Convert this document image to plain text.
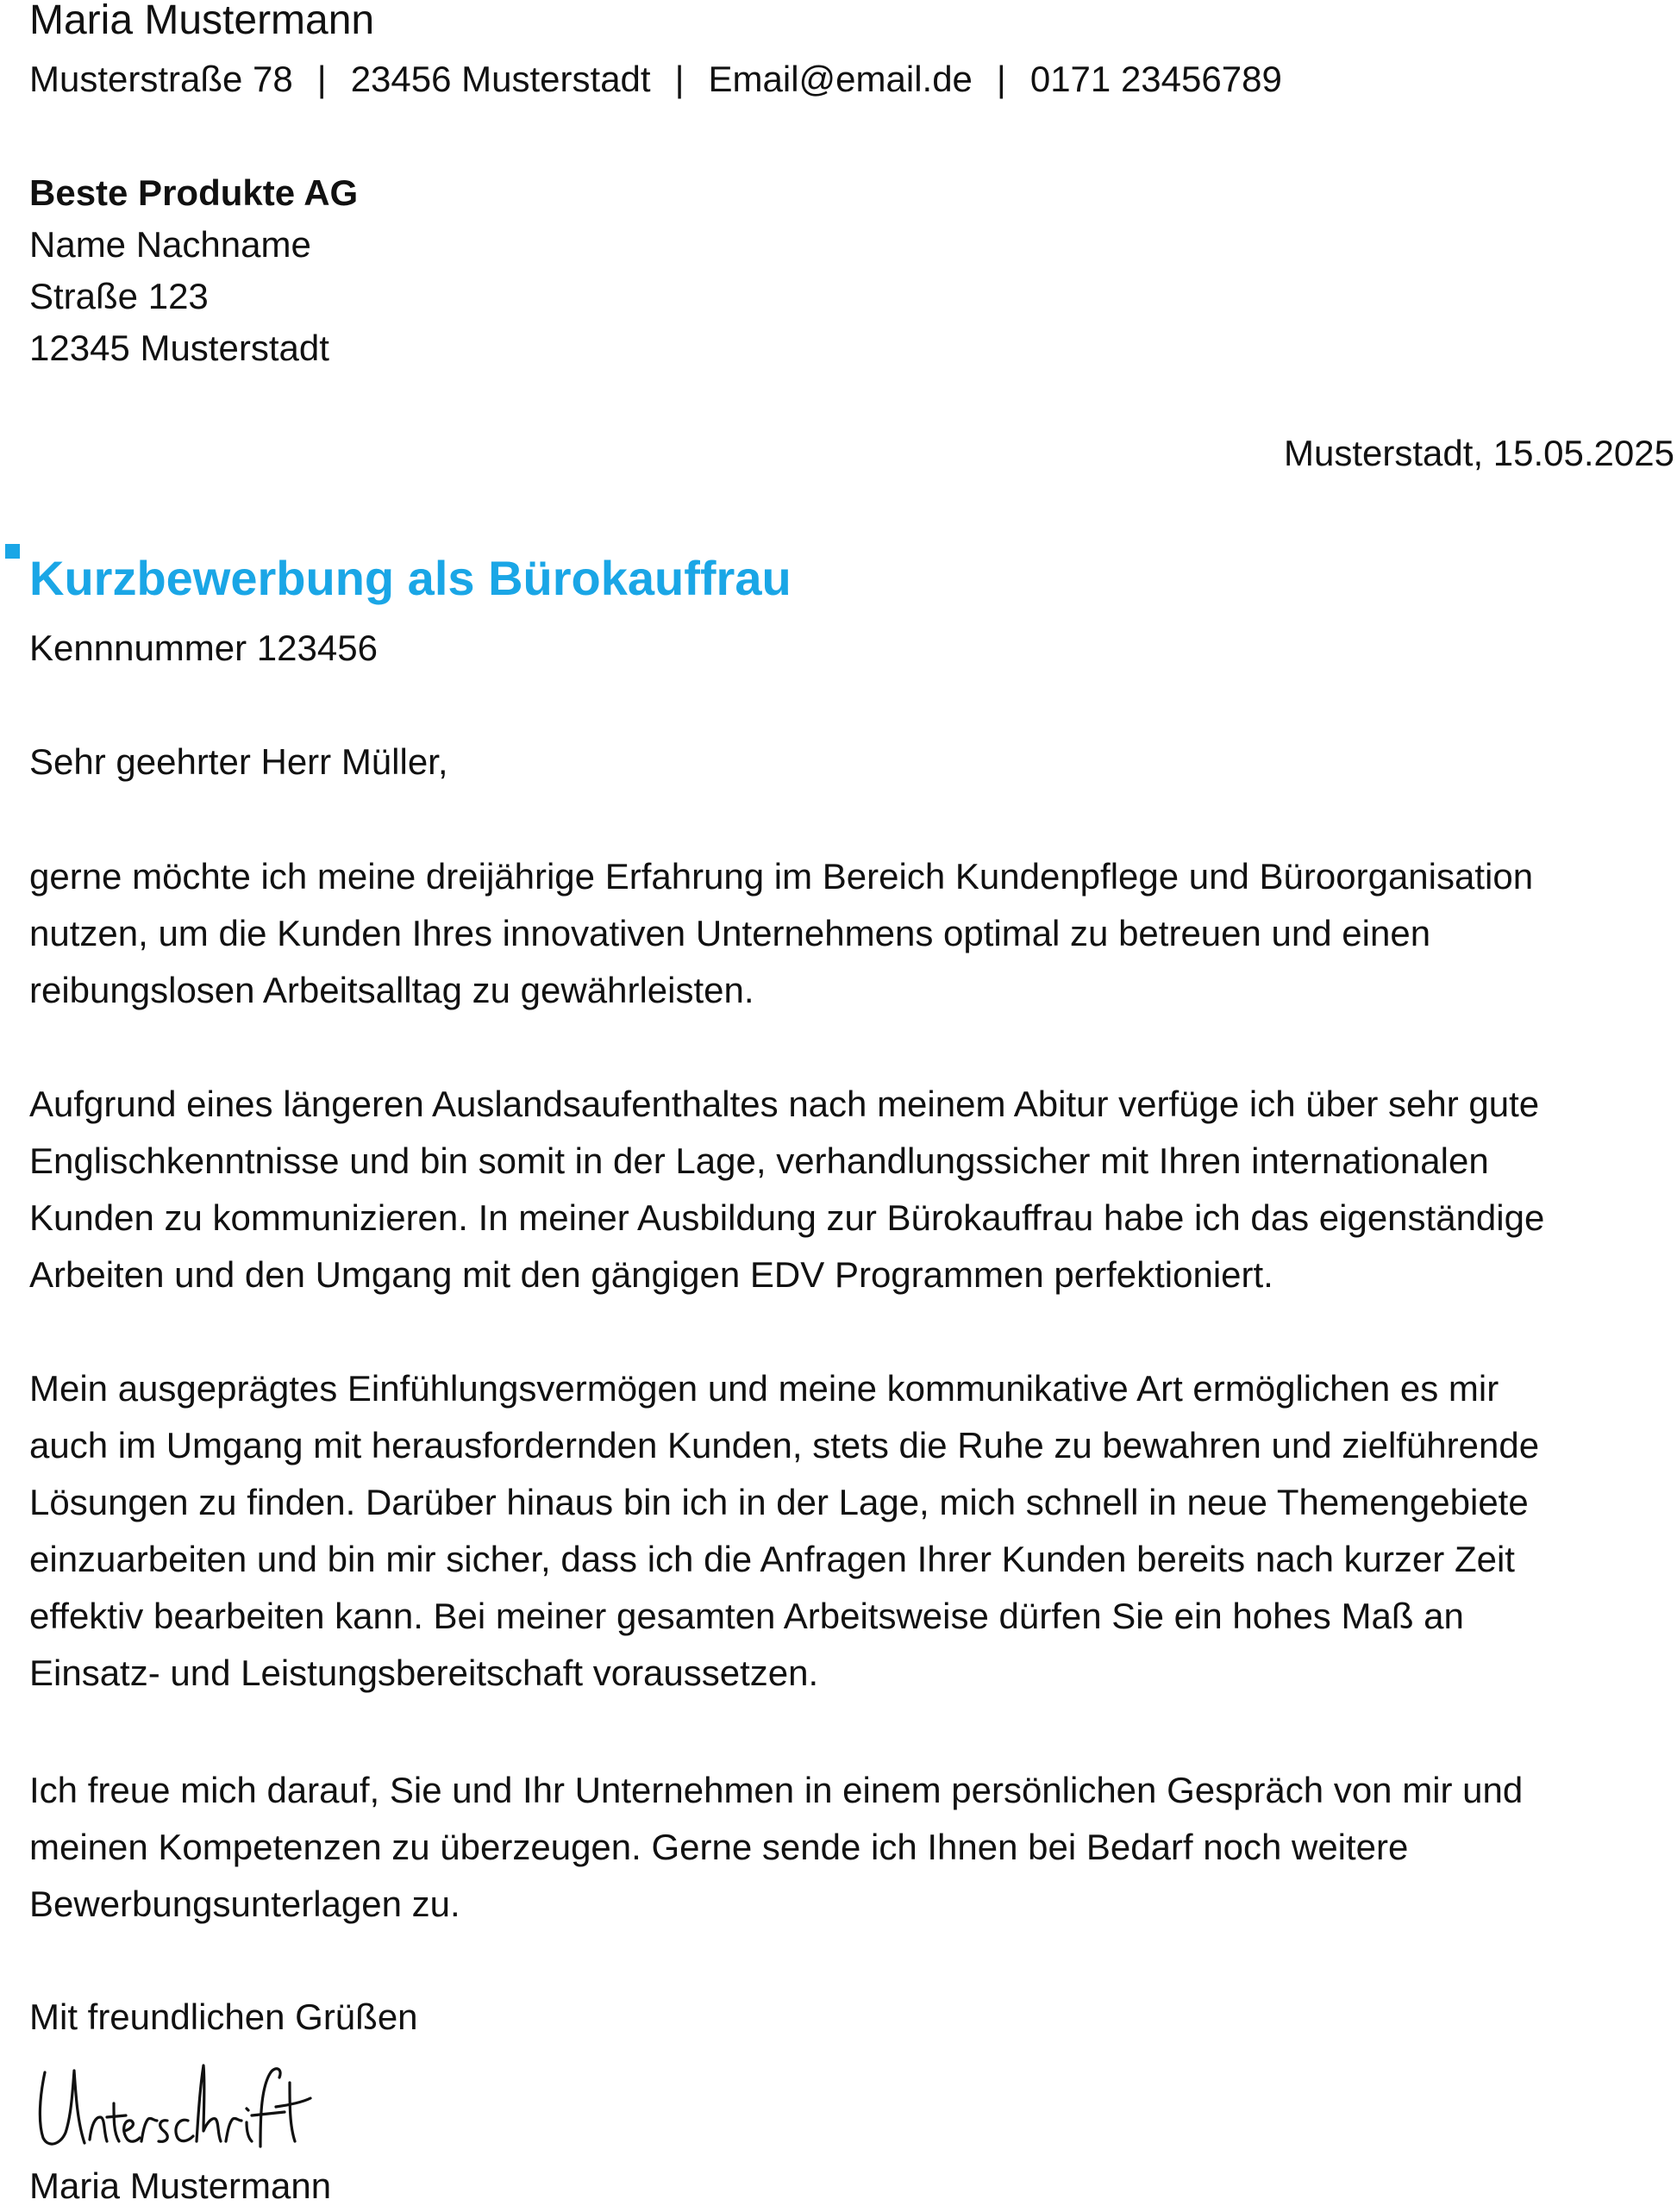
Maria Mustermann
Musterstraße 78 | 23456 Musterstadt | Email@email.de | 0171 23456789
Beste Produkte AG
Name Nachname
Straße 123
12345 Musterstadt
Musterstadt, 15.05.2025
Kurzbewerbung als Bürokauffrau
Kennnummer 123456
Sehr geehrter Herr Müller,
gerne möchte ich meine dreijährige Erfahrung im Bereich Kundenpflege und Büroorganisation
nutzen, um die Kunden Ihres innovativen Unternehmens optimal zu betreuen und einen
reibungslosen Arbeitsalltag zu gewährleisten.
Aufgrund eines längeren Auslandsaufenthaltes nach meinem Abitur verfüge ich über sehr gute
Englischkenntnisse und bin somit in der Lage, verhandlungssicher mit Ihren internationalen
Kunden zu kommunizieren. In meiner Ausbildung zur Bürokauffrau habe ich das eigenständige
Arbeiten und den Umgang mit den gängigen EDV Programmen perfektioniert.
Mein ausgeprägtes Einfühlungsvermögen und meine kommunikative Art ermöglichen es mir
auch im Umgang mit herausfordernden Kunden, stets die Ruhe zu bewahren und zielführende
Lösungen zu finden. Darüber hinaus bin ich in der Lage, mich schnell in neue Themengebiete
einzuarbeiten und bin mir sicher, dass ich die Anfragen Ihrer Kunden bereits nach kurzer Zeit
effektiv bearbeiten kann. Bei meiner gesamten Arbeitsweise dürfen Sie ein hohes Maß an
Einsatz- und Leistungsbereitschaft voraussetzen.
Ich freue mich darauf, Sie und Ihr Unternehmen in einem persönlichen Gespräch von mir und
meinen Kompetenzen zu überzeugen. Gerne sende ich Ihnen bei Bedarf noch weitere
Bewerbungsunterlagen zu.
Mit freundlichen Grüßen
Maria Mustermann
